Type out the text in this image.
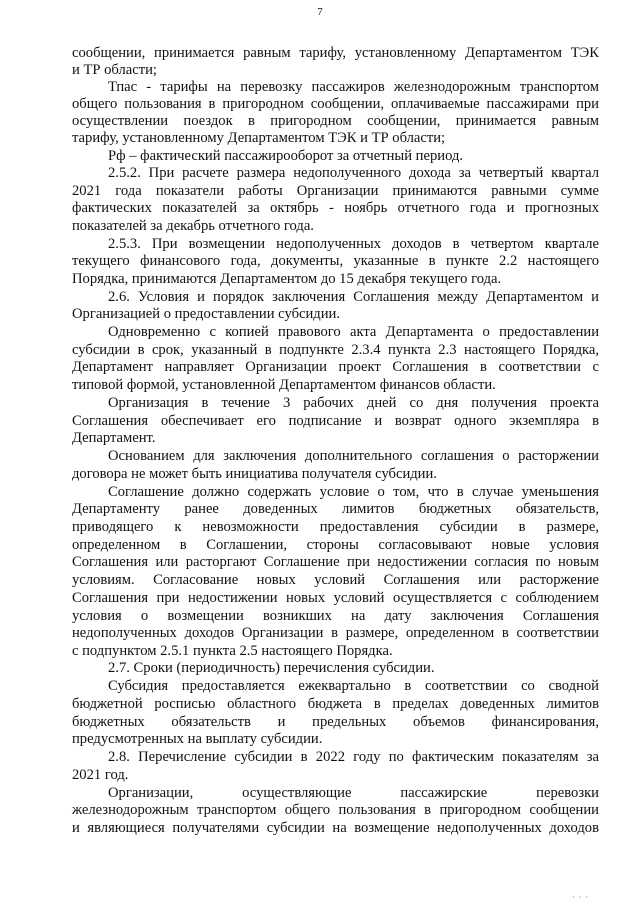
7
сообщении, принимается равным тарифу, установленному Департаментом ТЭК
и ТР области;
Тпас - тарифы на перевозку пассажиров железнодорожным транспортом
общего пользования в пригородном сообщении, оплачиваемые пассажирами при
осуществлении поездок в пригородном сообщении, принимается равным
тарифу, установленному Департаментом ТЭК и ТР области;
Рф – фактический пассажирооборот за отчетный период.
2.5.2. При расчете размера недополученного дохода за четвертый квартал
2021 года показатели работы Организации принимаются равными сумме
фактических показателей за октябрь - ноябрь отчетного года и прогнозных
показателей за декабрь отчетного года.
2.5.3. При возмещении недополученных доходов в четвертом квартале
текущего финансового года, документы, указанные в пункте 2.2 настоящего
Порядка, принимаются Департаментом до 15 декабря текущего года.
2.6. Условия и порядок заключения Соглашения между Департаментом и
Организацией о предоставлении субсидии.
Одновременно с копией правового акта Департамента о предоставлении
субсидии в срок, указанный в подпункте 2.3.4 пункта 2.3 настоящего Порядка,
Департамент направляет Организации проект Соглашения в соответствии с
типовой формой, установленной Департаментом финансов области.
Организация в течение 3 рабочих дней со дня получения проекта
Соглашения обеспечивает его подписание и возврат одного экземпляра в
Департамент.
Основанием для заключения дополнительного соглашения о расторжении
договора не может быть инициатива получателя субсидии.
Соглашение должно содержать условие о том, что в случае уменьшения
Департаменту ранее доведенных лимитов бюджетных обязательств,
приводящего к невозможности предоставления субсидии в размере,
определенном в Соглашении, стороны согласовывают новые условия
Соглашения или расторгают Соглашение при недостижении согласия по новым
условиям. Согласование новых условий Соглашения или расторжение
Соглашения при недостижении новых условий осуществляется с соблюдением
условия о возмещении возникших на дату заключения Соглашения
недополученных доходов Организации в размере, определенном в соответствии
с подпунктом 2.5.1 пункта 2.5 настоящего Порядка.
2.7. Сроки (периодичность) перечисления субсидии.
Субсидия предоставляется ежеквартально в соответствии со сводной
бюджетной росписью областного бюджета в пределах доведенных лимитов
бюджетных обязательств и предельных объемов финансирования,
предусмотренных на выплату субсидии.
2.8. Перечисление субсидии в 2022 году по фактическим показателям за
2021 год.
Организации, осуществляющие пассажирские перевозки
железнодорожным транспортом общего пользования в пригородном сообщении
и являющиеся получателями субсидии на возмещение недополученных доходов
· · ·
